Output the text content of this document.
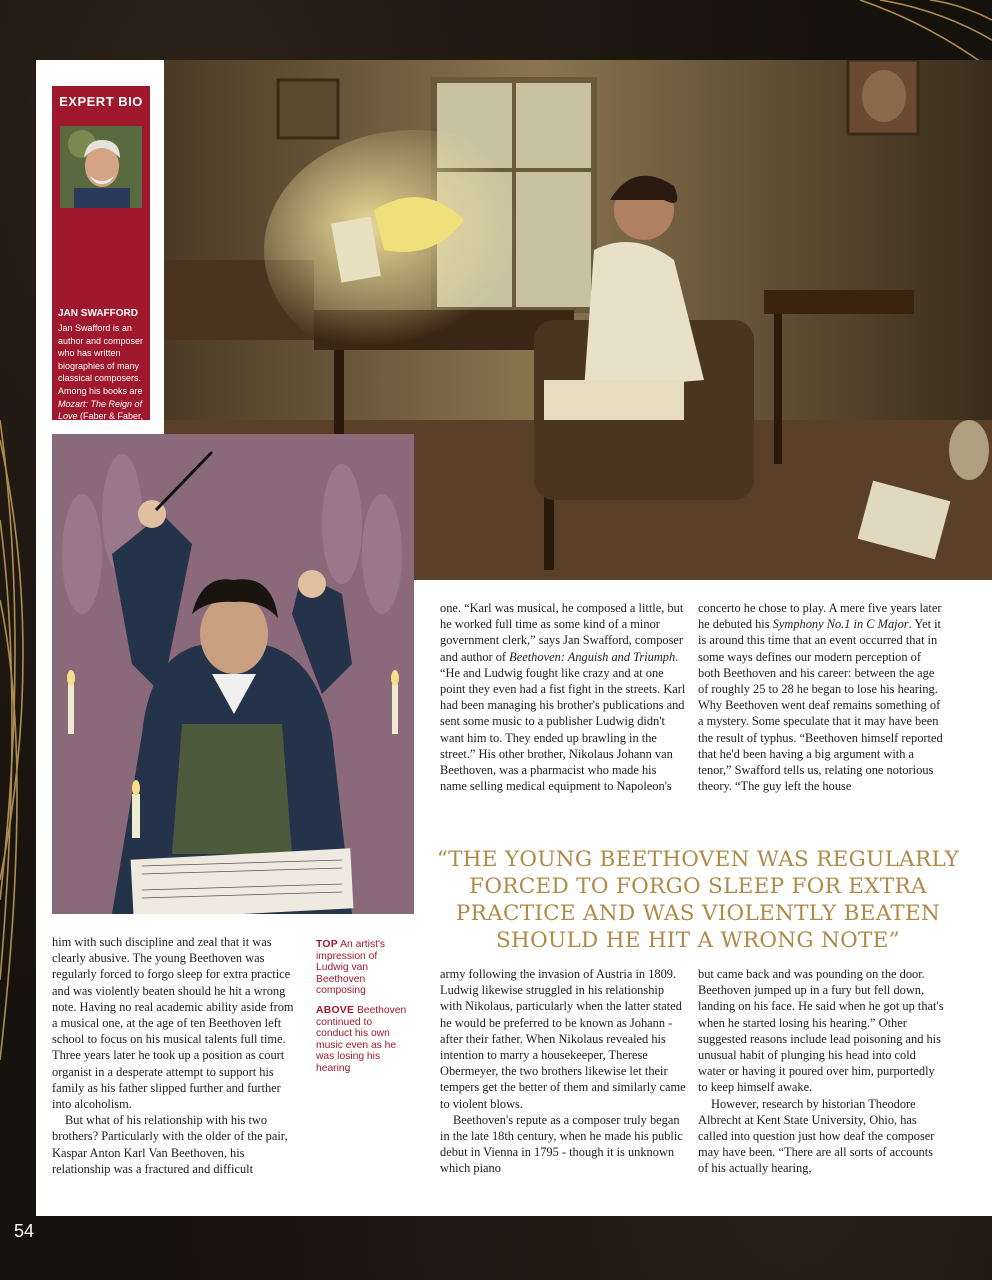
EXPERT BIO
JAN SWAFFORD
Jan Swafford is an author and composer who has written biographies of many classical composers. Among his books are Mozart: The Reign of Love (Faber & Faber, 2020) and

TOP An artist's impression of Ludwig van Beethoven composing

ABOVE Beethoven continued to conduct his own music even as he was losing his hearing

him with such discipline and zeal that it was clearly abusive. The young Beethoven was regularly forced to forgo sleep for extra practice and was violently beaten should he hit a wrong note. Having no real academic ability aside from a musical one, at the age of ten Beethoven left school to focus on his musical talents full time. Three years later he took up a position as court organist in a desperate attempt to support his family as his father slipped further and further into alcoholism.

But what of his relationship with his two brothers? Particularly with the older of the pair, Kaspar Anton Karl Van Beethoven, his relationship was a fractured and difficult

one. “Karl was musical, he composed a little, but he worked full time as some kind of a minor government clerk,” says Jan Swafford, composer and author of Beethoven: Anguish and Triumph. “He and Ludwig fought like crazy and at one point they even had a fist fight in the streets. Karl had been managing his brother's publications and sent some music to a publisher Ludwig didn't want him to. They ended up brawling in the street.” His other brother, Nikolaus Johann van Beethoven, was a pharmacist who made his name selling medical equipment to Napoleon's

concerto he chose to play. A mere five years later he debuted his Symphony No.1 in C Major. Yet it is around this time that an event occurred that in some ways defines our modern perception of both Beethoven and his career: between the age of roughly 25 to 28 he began to lose his hearing. Why Beethoven went deaf remains something of a mystery. Some speculate that it may have been the result of typhus. “Beethoven himself reported that he'd been having a big argument with a tenor,” Swafford tells us, relating one notorious theory. “The guy left the house

“THE YOUNG BEETHOVEN WAS REGULARLY FORCED TO FORGO SLEEP FOR EXTRA PRACTICE AND WAS VIOLENTLY BEATEN SHOULD HE HIT A WRONG NOTE”

army following the invasion of Austria in 1809. Ludwig likewise struggled in his relationship with Nikolaus, particularly when the latter stated he would be preferred to be known as Johann - after their father. When Nikolaus revealed his intention to marry a housekeeper, Therese Obermeyer, the two brothers likewise let their tempers get the better of them and similarly came to violent blows.

Beethoven's repute as a composer truly began in the late 18th century, when he made his public debut in Vienna in 1795 - though it is unknown which piano

but came back and was pounding on the door. Beethoven jumped up in a fury but fell down, landing on his face. He said when he got up that's when he started losing his hearing.” Other suggested reasons include lead poisoning and his unusual habit of plunging his head into cold water or having it poured over him, purportedly to keep himself awake.

However, research by historian Theodore Albrecht at Kent State University, Ohio, has called into question just how deaf the composer may have been. “There are all sorts of accounts of his actually hearing,

54
